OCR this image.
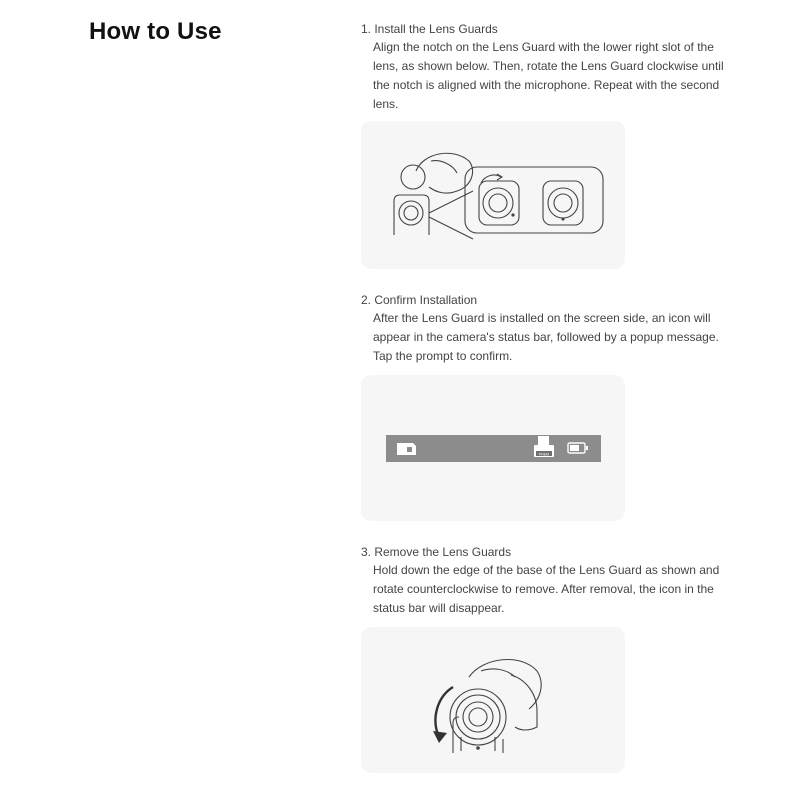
How to Use	1. Install the Lens Guards
Align the notch on the Lens Guard with the lower right slot of the lens, as shown below. Then, rotate the Lens Guard clockwise until the notch is aligned with the microphone. Repeat with the second lens.
2. Confirm Installation
After the Lens Guard is installed on the screen side, an icon will appear in the camera's status bar, followed by a popup message. Tap the prompt to confirm.
PREM
3. Remove the Lens Guards
Hold down the edge of the base of the Lens Guard as shown and rotate counterclockwise to remove. After removal, the icon in the status bar will disappear.
